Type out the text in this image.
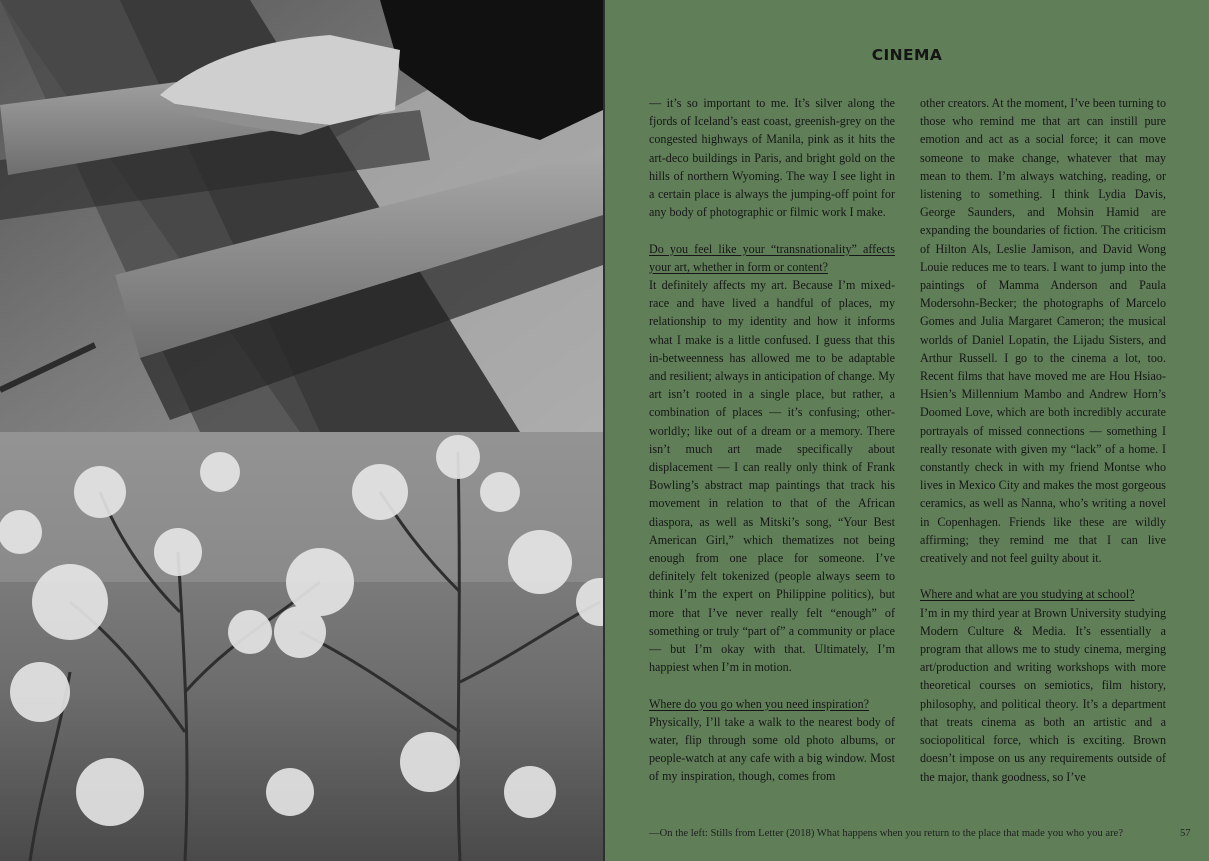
CINEMA

— it’s so important to me. It’s silver along the fjords of Iceland’s east coast, greenish-grey on the congested highways of Manila, pink as it hits the art-deco buildings in Paris, and bright gold on the hills of northern Wyoming. The way I see light in a certain place is always the jumping-off point for any body of photographic or filmic work I make.

Do you feel like your “transnationality” affects your art, whether in form or content?

It definitely affects my art. Because I’m mixed-race and have lived a handful of places, my relationship to my identity and how it informs what I make is a little confused. I guess that this in-betweenness has allowed me to be adaptable and resilient; always in anticipation of change. My art isn’t rooted in a single place, but rather, a combination of places — it’s confusing; other-worldly; like out of a dream or a memory. There isn’t much art made specifically about displacement — I can really only think of Frank Bowling’s abstract map paintings that track his movement in relation to that of the African diaspora, as well as Mitski’s song, “Your Best American Girl,” which thematizes not being enough from one place for someone. I’ve definitely felt tokenized (people always seem to think I’m the expert on Philippine politics), but more that I’ve never really felt “enough” of something or truly “part of” a community or place — but I’m okay with that. Ultimately, I’m happiest when I’m in motion.

Where do you go when you need inspiration?

Physically, I’ll take a walk to the nearest body of water, flip through some old photo albums, or people-watch at any cafe with a big window. Most of my inspiration, though, comes from

other creators. At the moment, I’ve been turning to those who remind me that art can instill pure emotion and act as a social force; it can move someone to make change, whatever that may mean to them. I’m always watching, reading, or listening to something. I think Lydia Davis, George Saunders, and Mohsin Hamid are expanding the boundaries of fiction. The criticism of Hilton Als, Leslie Jamison, and David Wong Louie reduces me to tears. I want to jump into the paintings of Mamma Anderson and Paula Modersohn-Becker; the photographs of Marcelo Gomes and Julia Margaret Cameron; the musical worlds of Daniel Lopatin, the Lijadu Sisters, and Arthur Russell. I go to the cinema a lot, too. Recent films that have moved me are Hou Hsiao-Hsien’s Millennium Mambo and Andrew Horn’s Doomed Love, which are both incredibly accurate portrayals of missed connections — something I really resonate with given my “lack” of a home. I constantly check in with my friend Montse who lives in Mexico City and makes the most gorgeous ceramics, as well as Nanna, who’s writing a novel in Copenhagen. Friends like these are wildly affirming; they remind me that I can live creatively and not feel guilty about it.

Where and what are you studying at school?

I’m in my third year at Brown University studying Modern Culture & Media. It’s essentially a program that allows me to study cinema, merging art/production and writing workshops with more theoretical courses on semiotics, film history, philosophy, and political theory. It’s a department that treats cinema as both an artistic and a sociopolitical force, which is exciting. Brown doesn’t impose on us any requirements outside of the major, thank goodness, so I’ve

—On the left: Stills from Letter (2018) What happens when you return to the place that made you who you are?	57
